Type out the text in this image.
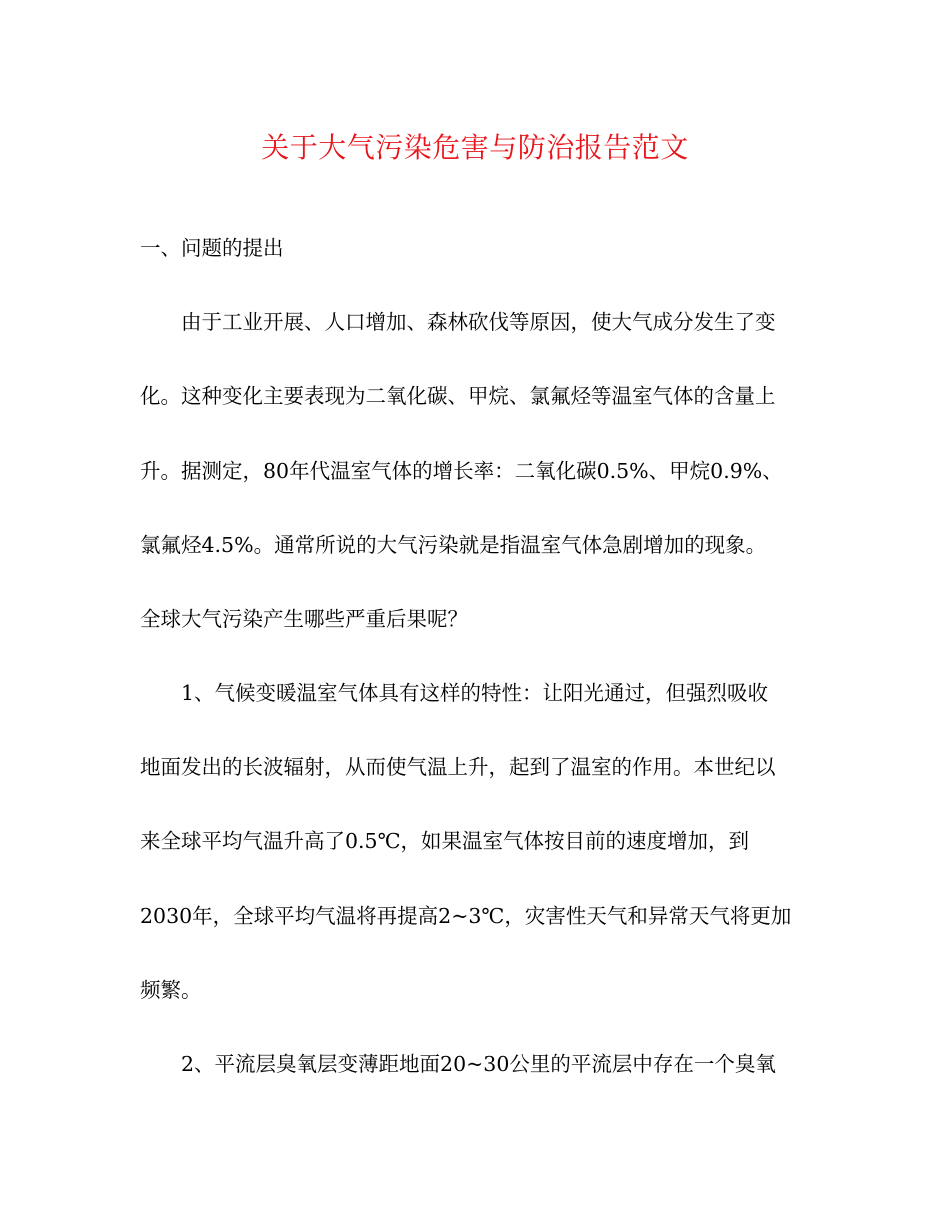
关于大气污染危害与防治报告范文
一、问题的提出
　　由于工业开展、人口增加、森林砍伐等原因，使大气成分发生了变
化。这种变化主要表现为二氧化碳、甲烷、氯氟烃等温室气体的含量上
升。据测定，80年代温室气体的增长率：二氧化碳0.5%、甲烷0.9%、
氯氟烃4.5%。通常所说的大气污染就是指温室气体急剧增加的现象。
全球大气污染产生哪些严重后果呢？
　　1、气候变暖温室气体具有这样的特性：让阳光通过，但强烈吸收
地面发出的长波辐射，从而使气温上升，起到了温室的作用。本世纪以
来全球平均气温升高了0.5℃，如果温室气体按目前的速度增加，到
2030年，全球平均气温将再提高2~3℃，灾害性天气和异常天气将更加
频繁。
　　2、平流层臭氧层变薄距地面20~30公里的平流层中存在一个臭氧
